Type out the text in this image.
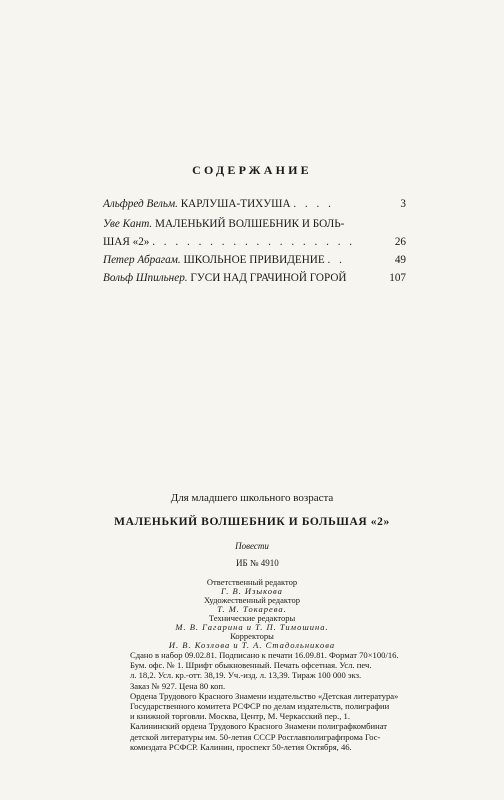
СОДЕРЖАНИЕ
Альфред Вельм. КАРЛУША-ТИХУША . . . .	3
Уве Кант. МАЛЕНЬКИЙ ВОЛШЕБНИК И БОЛЬ-
ШАЯ «2» . . . . . . . . . . . . . . . . . .	26
Петер Абрагам. ШКОЛЬНОЕ ПРИВИДЕНИЕ . .	49
Вольф Шпильнер. ГУСИ НАД ГРАЧИНОЙ ГОРОЙ	107
Для младшего школьного возраста
МАЛЕНЬКИЙ ВОЛШЕБНИК И БОЛЬШАЯ «2»
Повести
ИБ № 4910
Ответственный редактор
Г. В. Изыкова
Художественный редактор
Т. М. Токарева.
Технические редакторы
М. В. Гагарина и Т. П. Тимошина.
Корректоры
И. В. Козлова и Т. А. Стадольникова
Сдано в набор 09.02.81. Подписано к печати 16.09.81. Формат 70×100/16.
Бум. офс. № 1. Шрифт обыкновенный. Печать офсетная. Усл. печ.
л. 18,2. Усл. кр.-отт. 38,19. Уч.-изд. л. 13,39. Тираж 100 000 экз.
Заказ № 927. Цена 80 коп.
Ордена Трудового Красного Знамени издательство «Детская литература»
Государственного комитета РСФСР по делам издательств, полиграфии
и книжной торговли. Москва, Центр, М. Черкасский пер., 1.
Калининский ордена Трудового Красного Знамени полиграфкомбинат
детской литературы им. 50-летия СССР Росглавполиграфпрома Гос-
комиздата РСФСР. Калинин, проспект 50-летия Октября, 46.
